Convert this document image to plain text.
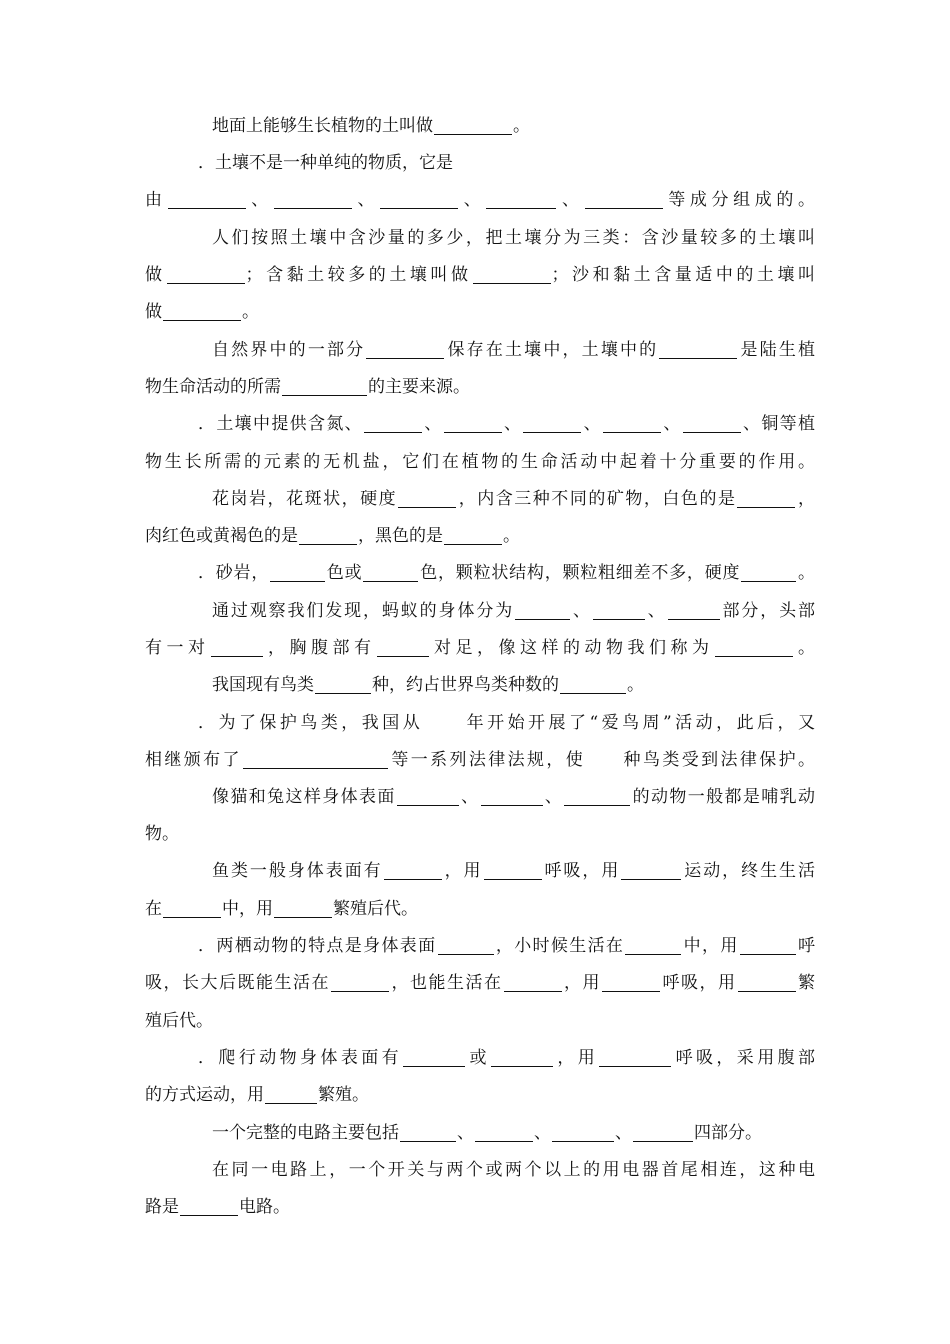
地面上能够生长植物的土叫做	。
．土壤不是一种单纯的物质，它是
由	、	、	、	、	等成分组成的。
人们按照土壤中含沙量的多少，把土壤分为三类：含沙量较多的土壤叫
做	；含黏土较多的土壤叫做	；沙和黏土含量适中的土壤叫
做	。
自然界中的一部分	保存在土壤中，土壤中的	是陆生植
物生命活动的所需	的主要来源。
．土壤中提供含氮、	、	、	、	、	、铜等植
物生长所需的元素的无机盐，它们在植物的生命活动中起着十分重要的作用。
花岗岩，花斑状，硬度	，内含三种不同的矿物，白色的是	，
肉红色或黄褐色的是	，黑色的是	。
．砂岩，	色或	色，颗粒状结构，颗粒粗细差不多，硬度	。
通过观察我们发现，蚂蚁的身体分为	、	、	部分，头部
有一对	，胸腹部有	对足，像这样的动物我们称为	。
我国现有鸟类	种，约占世界鸟类种数的	。
．为了保护鸟类，我国从 年开始开展了“爱鸟周”活动，此后，又
相继颁布了	等一系列法律法规，使 种鸟类受到法律保护。
像猫和兔这样身体表面	、	、	的动物一般都是哺乳动
物。
鱼类一般身体表面有	，用	呼吸，用	运动，终生生活
在	中，用	繁殖后代。
．两栖动物的特点是身体表面	，小时候生活在	中，用	呼
吸，长大后既能生活在	，也能生活在	，用	呼吸，用	繁
殖后代。
．爬行动物身体表面有	或	，用	呼吸，采用腹部
的方式运动，用	繁殖。
一个完整的电路主要包括	、	、	、	四部分。
在同一电路上，一个开关与两个或两个以上的用电器首尾相连，这种电
路是	电路。
